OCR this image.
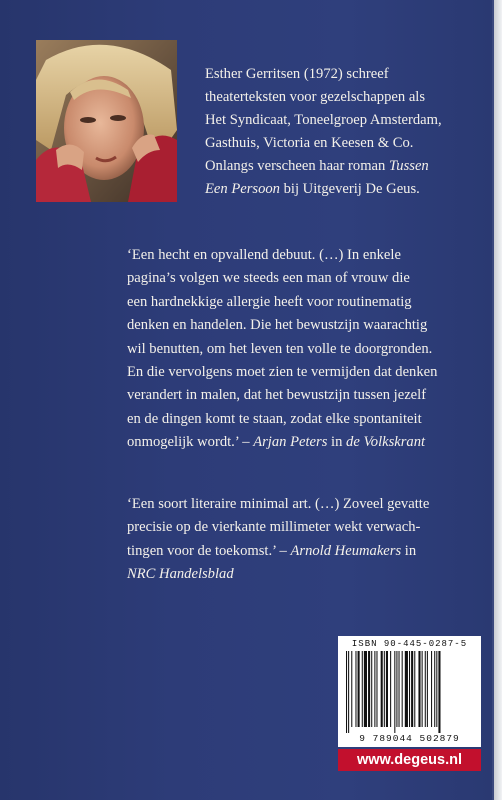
Esther Gerritsen (1972) schreef
theaterteksten voor gezelschappen als
Het Syndicaat, Toneelgroep Amsterdam,
Gasthuis, Victoria en Keesen & Co.
Onlangs verscheen haar roman Tussen
Een Persoon bij Uitgeverij De Geus.
‘Een hecht en opvallend debuut. (…) In enkele
pagina’s volgen we steeds een man of vrouw die
een hardnekkige allergie heeft voor routinematig
denken en handelen. Die het bewustzijn waarachtig
wil benutten, om het leven ten volle te doorgronden.
En die vervolgens moet zien te vermijden dat denken
verandert in malen, dat het bewustzijn tussen jezelf
en de dingen komt te staan, zodat elke spontaniteit
onmogelijk wordt.’ – Arjan Peters in de Volkskrant
‘Een soort literaire minimal art. (…) Zoveel gevatte
precisie op de vierkante millimeter wekt verwach-
tingen voor de toekomst.’ – Arnold Heumakers in
NRC Handelsblad
ISBN 90-445-0287-5
9 789044 502879
www.degeus.nl
